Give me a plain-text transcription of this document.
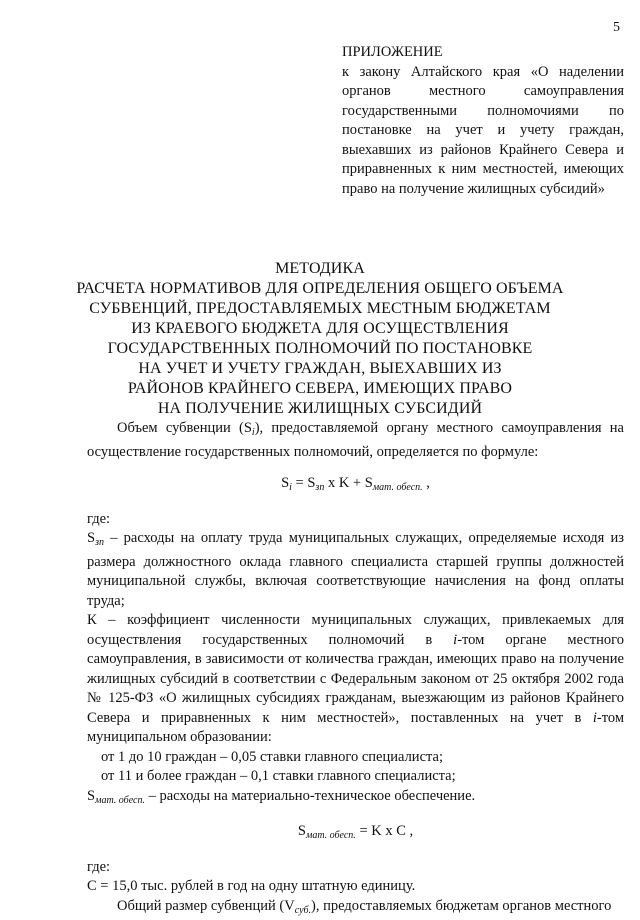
5
ПРИЛОЖЕНИЕ
к закону Алтайского края «О наделении органов местного самоуправления государственными полномочиями по постановке на учет и учету граждан, выехавших из районов Крайнего Севера и приравненных к ним местностей, имеющих право на получение жилищных субсидий»
МЕТОДИКА
РАСЧЕТА НОРМАТИВОВ ДЛЯ ОПРЕДЕЛЕНИЯ ОБЩЕГО ОБЪЕМА
СУБВЕНЦИЙ, ПРЕДОСТАВЛЯЕМЫХ МЕСТНЫМ БЮДЖЕТАМ
ИЗ КРАЕВОГО БЮДЖЕТА ДЛЯ ОСУЩЕСТВЛЕНИЯ
ГОСУДАРСТВЕННЫХ ПОЛНОМОЧИЙ ПО ПОСТАНОВКЕ
НА УЧЕТ И УЧЕТУ ГРАЖДАН, ВЫЕХАВШИХ ИЗ
РАЙОНОВ КРАЙНЕГО СЕВЕРА, ИМЕЮЩИХ ПРАВО
НА ПОЛУЧЕНИЕ ЖИЛИЩНЫХ СУБСИДИЙ

Объем субвенции $(S_i)$, предоставляемой органу местного самоуправления на осуществление государственных полномочий, определяется по формуле:

$S_i = S_{зп}$ x $K + S_{мат. обесп.}$ ,

где:

$S_{зп}$ – расходы на оплату труда муниципальных служащих, определяемые исходя из размера должностного оклада главного специалиста старшей группы должностей муниципальной службы, включая соответствующие начисления на фонд оплаты труда;

К – коэффициент численности муниципальных служащих, привлекаемых для осуществления государственных полномочий в i-том органе местного самоуправления, в зависимости от количества граждан, имеющих право на получение жилищных субсидий в соответствии с Федеральным законом от 25 октября 2002 года № 125-ФЗ «О жилищных субсидиях гражданам, выезжающим из районов Крайнего Севера и приравненных к ним местностей», поставленных на учет в i-том муниципальном образовании:

от 1 до 10 граждан – 0,05 ставки главного специалиста;

от 11 и более граждан – 0,1 ставки главного специалиста;

$S_{мат. обесп.}$ – расходы на материально-техническое обеспечение.

$S_{мат. обесп.} = K$ x C ,

где:

С = 15,0 тыс. рублей в год на одну штатную единицу.

Общий размер субвенций $(V_{суб.})$, предоставляемых бюджетам органов местного
